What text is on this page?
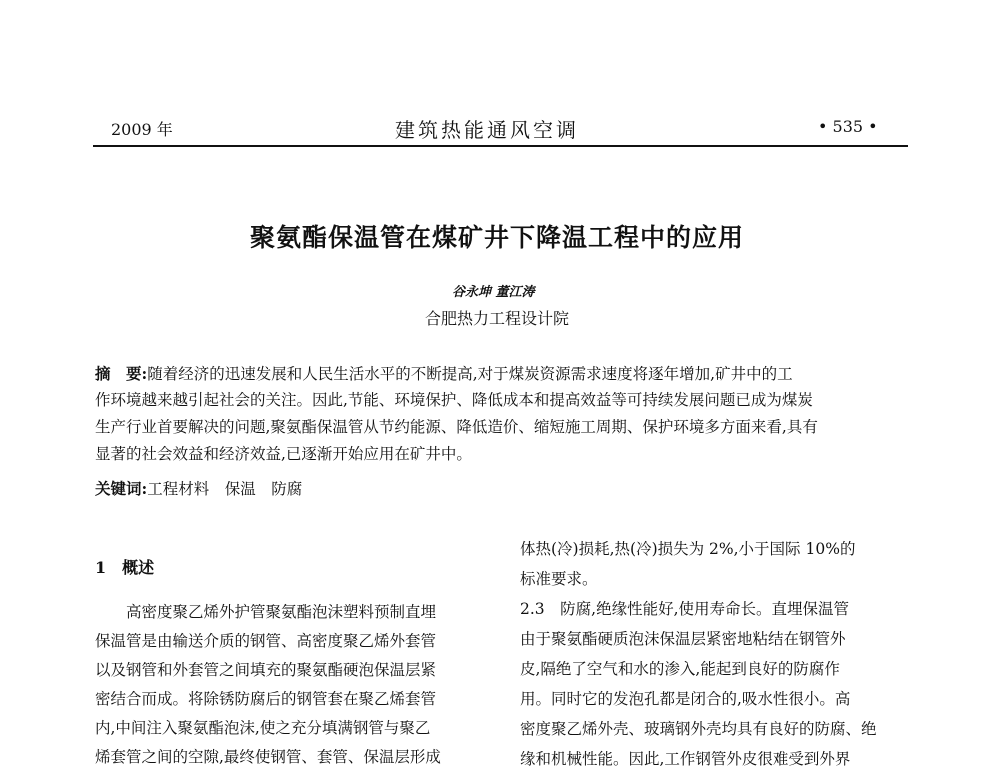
2009 年	建筑热能通风空调	• 535 •
聚氨酯保温管在煤矿井下降温工程中的应用
谷永坤 董江涛
合肥热力工程设计院
摘　要:随着经济的迅速发展和人民生活水平的不断提高,对于煤炭资源需求速度将逐年增加,矿井中的工
作环境越来越引起社会的关注。因此,节能、环境保护、降低成本和提高效益等可持续发展问题已成为煤炭
生产行业首要解决的问题,聚氨酯保温管从节约能源、降低造价、缩短施工周期、保护环境多方面来看,具有
显著的社会效益和经济效益,已逐渐开始应用在矿井中。
关键词:工程材料　保温　防腐
1　概述
　　高密度聚乙烯外护管聚氨酯泡沫塑料预制直埋
保温管是由输送介质的钢管、高密度聚乙烯外套管
以及钢管和外套管之间填充的聚氨酯硬泡保温层紧
密结合而成。将除锈防腐后的钢管套在聚乙烯套管
内,中间注入聚氨酯泡沫,使之充分填满钢管与聚乙
烯套管之间的空隙,最终使钢管、套管、保温层形成
体热(冷)损耗,热(冷)损失为 2%,小于国际 10%的
标准要求。
2.3　防腐,绝缘性能好,使用寿命长。直埋保温管
由于聚氨酯硬质泡沫保温层紧密地粘结在钢管外
皮,隔绝了空气和水的渗入,能起到良好的防腐作
用。同时它的发泡孔都是闭合的,吸水性很小。高
密度聚乙烯外壳、玻璃钢外壳均具有良好的防腐、绝
缘和机械性能。因此,工作钢管外皮很难受到外界
